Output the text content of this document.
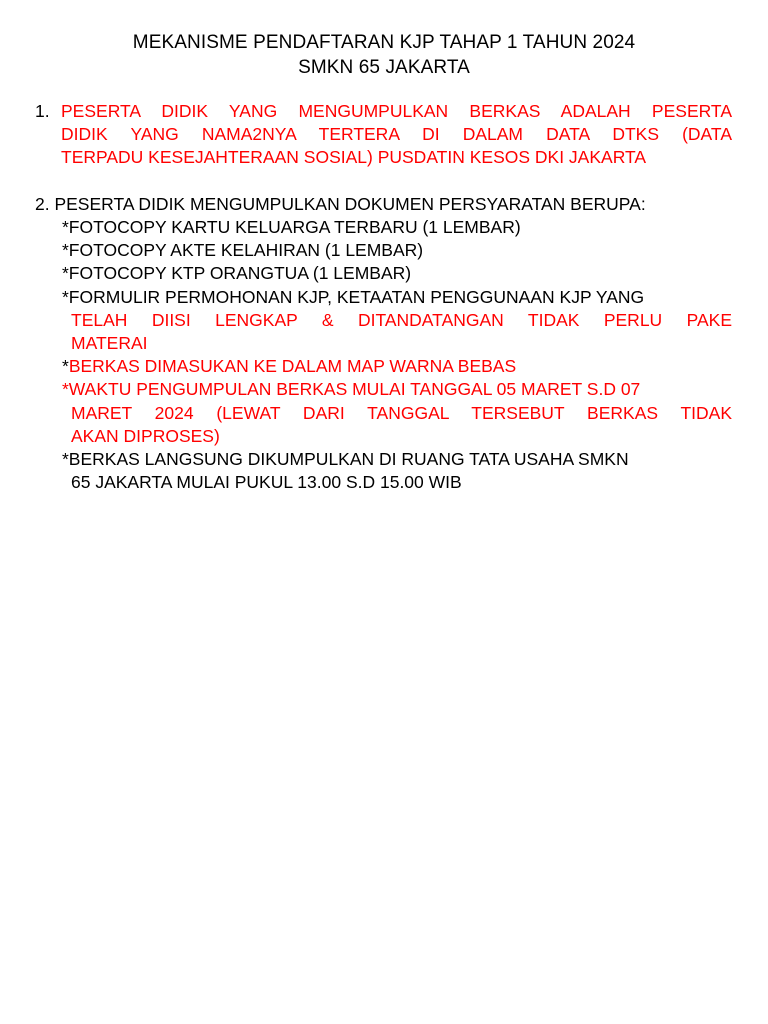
MEKANISME PENDAFTARAN KJP TAHAP 1 TAHUN 2024
SMKN 65 JAKARTA
1. PESERTA DIDIK YANG MENGUMPULKAN BERKAS ADALAH PESERTA
DIDIK YANG NAMA2NYA TERTERA DI DALAM DATA DTKS (DATA
TERPADU KESEJAHTERAAN SOSIAL) PUSDATIN KESOS DKI JAKARTA
2. PESERTA DIDIK MENGUMPULKAN DOKUMEN PERSYARATAN BERUPA:
*FOTOCOPY KARTU KELUARGA TERBARU (1 LEMBAR)
*FOTOCOPY AKTE KELAHIRAN (1 LEMBAR)
*FOTOCOPY KTP ORANGTUA (1 LEMBAR)
*FORMULIR PERMOHONAN KJP, KETAATAN PENGGUNAAN KJP YANG
TELAH DIISI LENGKAP & DITANDATANGAN TIDAK PERLU PAKE
MATERAI
*BERKAS DIMASUKAN KE DALAM MAP WARNA BEBAS
*WAKTU PENGUMPULAN BERKAS MULAI TANGGAL 05 MARET S.D 07
MARET 2024 (LEWAT DARI TANGGAL TERSEBUT BERKAS TIDAK
AKAN DIPROSES)
*BERKAS LANGSUNG DIKUMPULKAN DI RUANG TATA USAHA SMKN
65 JAKARTA MULAI PUKUL 13.00 S.D 15.00 WIB
